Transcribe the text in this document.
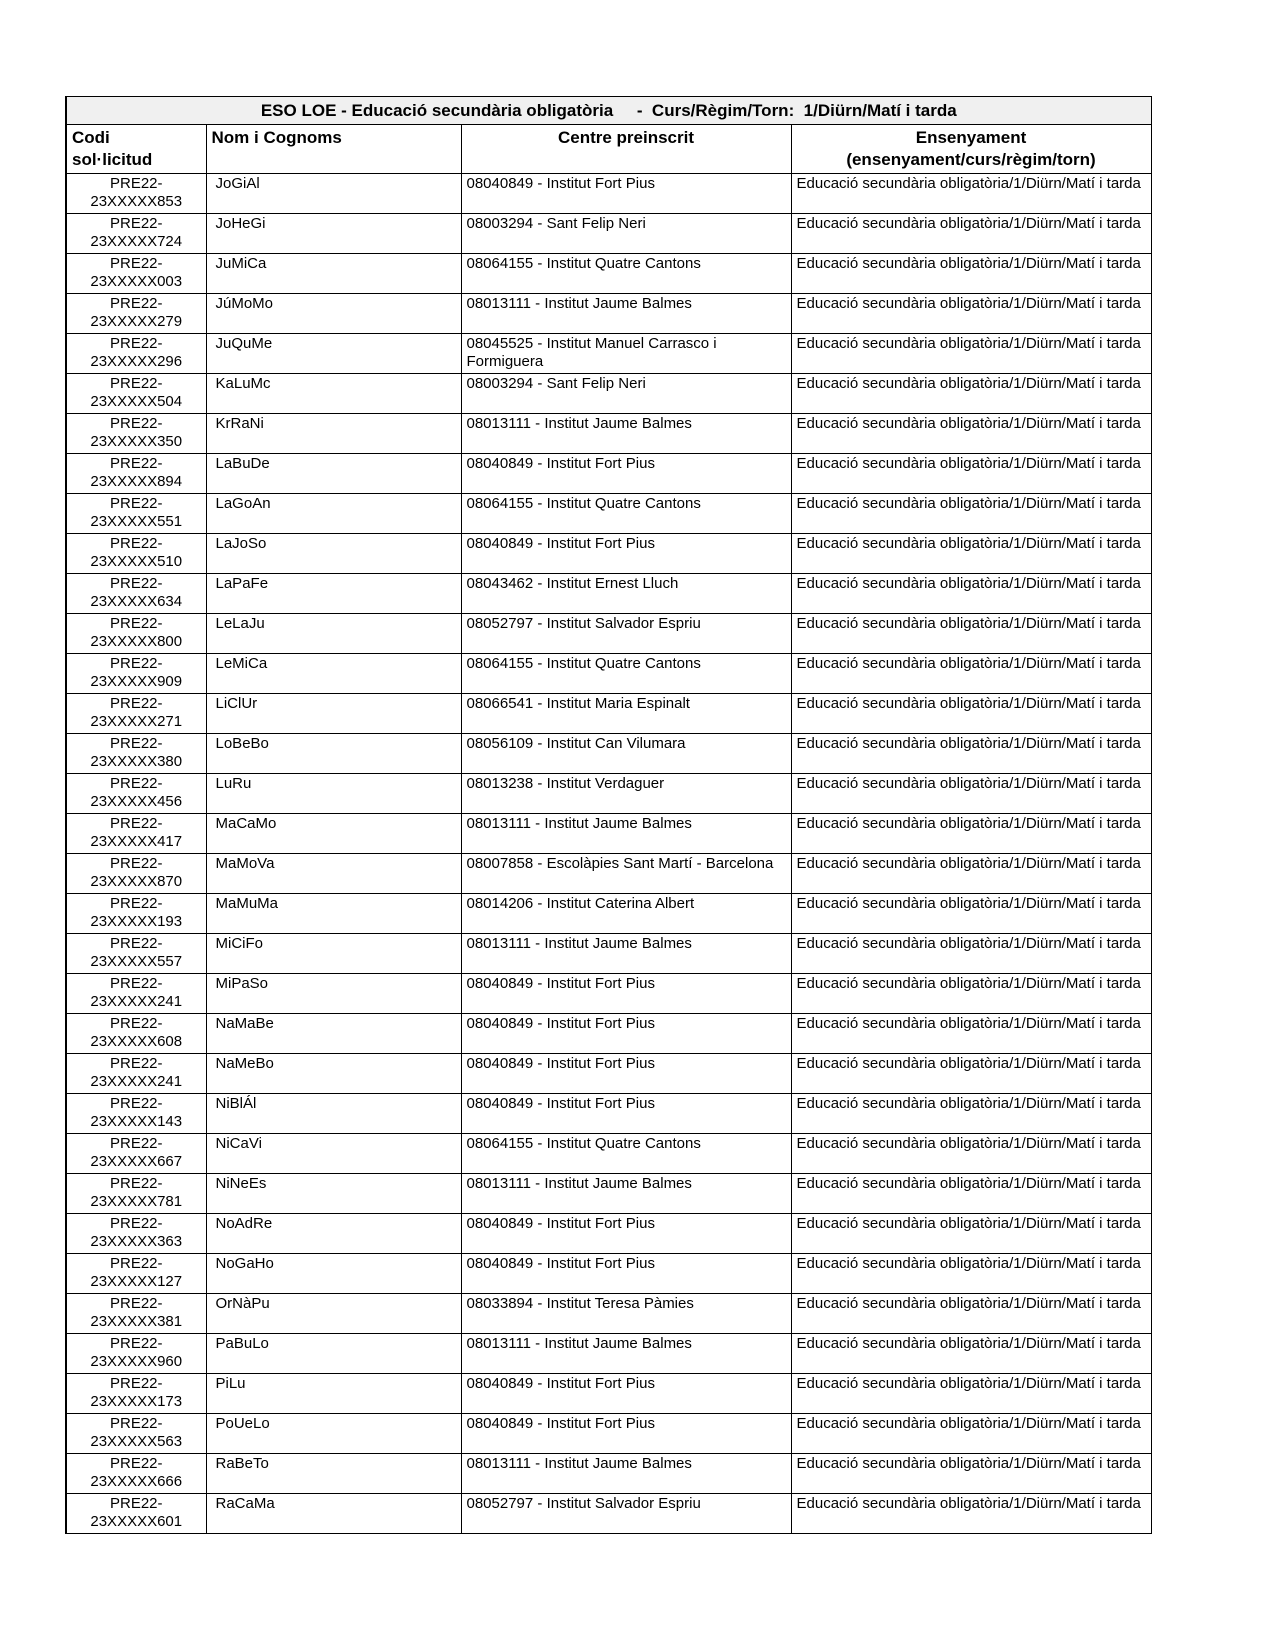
ESO LOE - Educació secundària obligatòria     -  Curs/Règim/Torn:  1/Diürn/Matí i tarda			

Codi
sol·licitud

Nom i Cognoms	Centre preinscrit	Ensenyament
(ensenyament/curs/règim/torn)

PRE22-
23XXXXX853	JoGiAl	08040849 - Institut Fort Pius	Educació secundària obligatòria/1/Diürn/Matí i tarda

PRE22-
23XXXXX724	JoHeGi	08003294 - Sant Felip Neri	Educació secundària obligatòria/1/Diürn/Matí i tarda

PRE22-
23XXXXX003	JuMiCa	08064155 - Institut Quatre Cantons	Educació secundària obligatòria/1/Diürn/Matí i tarda

PRE22-
23XXXXX279	JúMoMo	08013111 - Institut Jaume Balmes	Educació secundària obligatòria/1/Diürn/Matí i tarda

PRE22-
23XXXXX296	JuQuMe	08045525 - Institut Manuel Carrasco i Formiguera	Educació secundària obligatòria/1/Diürn/Matí i tarda

PRE22-
23XXXXX504	KaLuMc	08003294 - Sant Felip Neri	Educació secundària obligatòria/1/Diürn/Matí i tarda

PRE22-
23XXXXX350	KrRaNi	08013111 - Institut Jaume Balmes	Educació secundària obligatòria/1/Diürn/Matí i tarda

PRE22-
23XXXXX894	LaBuDe	08040849 - Institut Fort Pius	Educació secundària obligatòria/1/Diürn/Matí i tarda

PRE22-
23XXXXX551	LaGoAn	08064155 - Institut Quatre Cantons	Educació secundària obligatòria/1/Diürn/Matí i tarda

PRE22-
23XXXXX510	LaJoSo	08040849 - Institut Fort Pius	Educació secundària obligatòria/1/Diürn/Matí i tarda

PRE22-
23XXXXX634	LaPaFe	08043462 - Institut Ernest Lluch	Educació secundària obligatòria/1/Diürn/Matí i tarda

PRE22-
23XXXXX800	LeLaJu	08052797 - Institut Salvador Espriu	Educació secundària obligatòria/1/Diürn/Matí i tarda

PRE22-
23XXXXX909	LeMiCa	08064155 - Institut Quatre Cantons	Educació secundària obligatòria/1/Diürn/Matí i tarda

PRE22-
23XXXXX271	LiClUr	08066541 - Institut Maria Espinalt	Educació secundària obligatòria/1/Diürn/Matí i tarda

PRE22-
23XXXXX380	LoBeBo	08056109 - Institut Can Vilumara	Educació secundària obligatòria/1/Diürn/Matí i tarda

PRE22-
23XXXXX456	LuRu	08013238 - Institut Verdaguer	Educació secundària obligatòria/1/Diürn/Matí i tarda

PRE22-
23XXXXX417	MaCaMo	08013111 - Institut Jaume Balmes	Educació secundària obligatòria/1/Diürn/Matí i tarda

PRE22-
23XXXXX870	MaMoVa	08007858 - Escolàpies Sant Martí - Barcelona	Educació secundària obligatòria/1/Diürn/Matí i tarda

PRE22-
23XXXXX193	MaMuMa	08014206 - Institut Caterina Albert	Educació secundària obligatòria/1/Diürn/Matí i tarda

PRE22-
23XXXXX557	MiCiFo	08013111 - Institut Jaume Balmes	Educació secundària obligatòria/1/Diürn/Matí i tarda

PRE22-
23XXXXX241	MiPaSo	08040849 - Institut Fort Pius	Educació secundària obligatòria/1/Diürn/Matí i tarda

PRE22-
23XXXXX608	NaMaBe	08040849 - Institut Fort Pius	Educació secundària obligatòria/1/Diürn/Matí i tarda

PRE22-
23XXXXX241	NaMeBo	08040849 - Institut Fort Pius	Educació secundària obligatòria/1/Diürn/Matí i tarda

PRE22-
23XXXXX143	NiBlÁl	08040849 - Institut Fort Pius	Educació secundària obligatòria/1/Diürn/Matí i tarda

PRE22-
23XXXXX667	NiCaVi	08064155 - Institut Quatre Cantons	Educació secundària obligatòria/1/Diürn/Matí i tarda

PRE22-
23XXXXX781	NiNeEs	08013111 - Institut Jaume Balmes	Educació secundària obligatòria/1/Diürn/Matí i tarda

PRE22-
23XXXXX363	NoAdRe	08040849 - Institut Fort Pius	Educació secundària obligatòria/1/Diürn/Matí i tarda

PRE22-
23XXXXX127	NoGaHo	08040849 - Institut Fort Pius	Educació secundària obligatòria/1/Diürn/Matí i tarda

PRE22-
23XXXXX381	OrNàPu	08033894 - Institut Teresa Pàmies	Educació secundària obligatòria/1/Diürn/Matí i tarda

PRE22-
23XXXXX960	PaBuLo	08013111 - Institut Jaume Balmes	Educació secundària obligatòria/1/Diürn/Matí i tarda

PRE22-
23XXXXX173	PiLu	08040849 - Institut Fort Pius	Educació secundària obligatòria/1/Diürn/Matí i tarda

PRE22-
23XXXXX563	PoUeLo	08040849 - Institut Fort Pius	Educació secundària obligatòria/1/Diürn/Matí i tarda

PRE22-
23XXXXX666	RaBeTo	08013111 - Institut Jaume Balmes	Educació secundària obligatòria/1/Diürn/Matí i tarda

PRE22-
23XXXXX601	RaCaMa	08052797 - Institut Salvador Espriu	Educació secundària obligatòria/1/Diürn/Matí i tarda
